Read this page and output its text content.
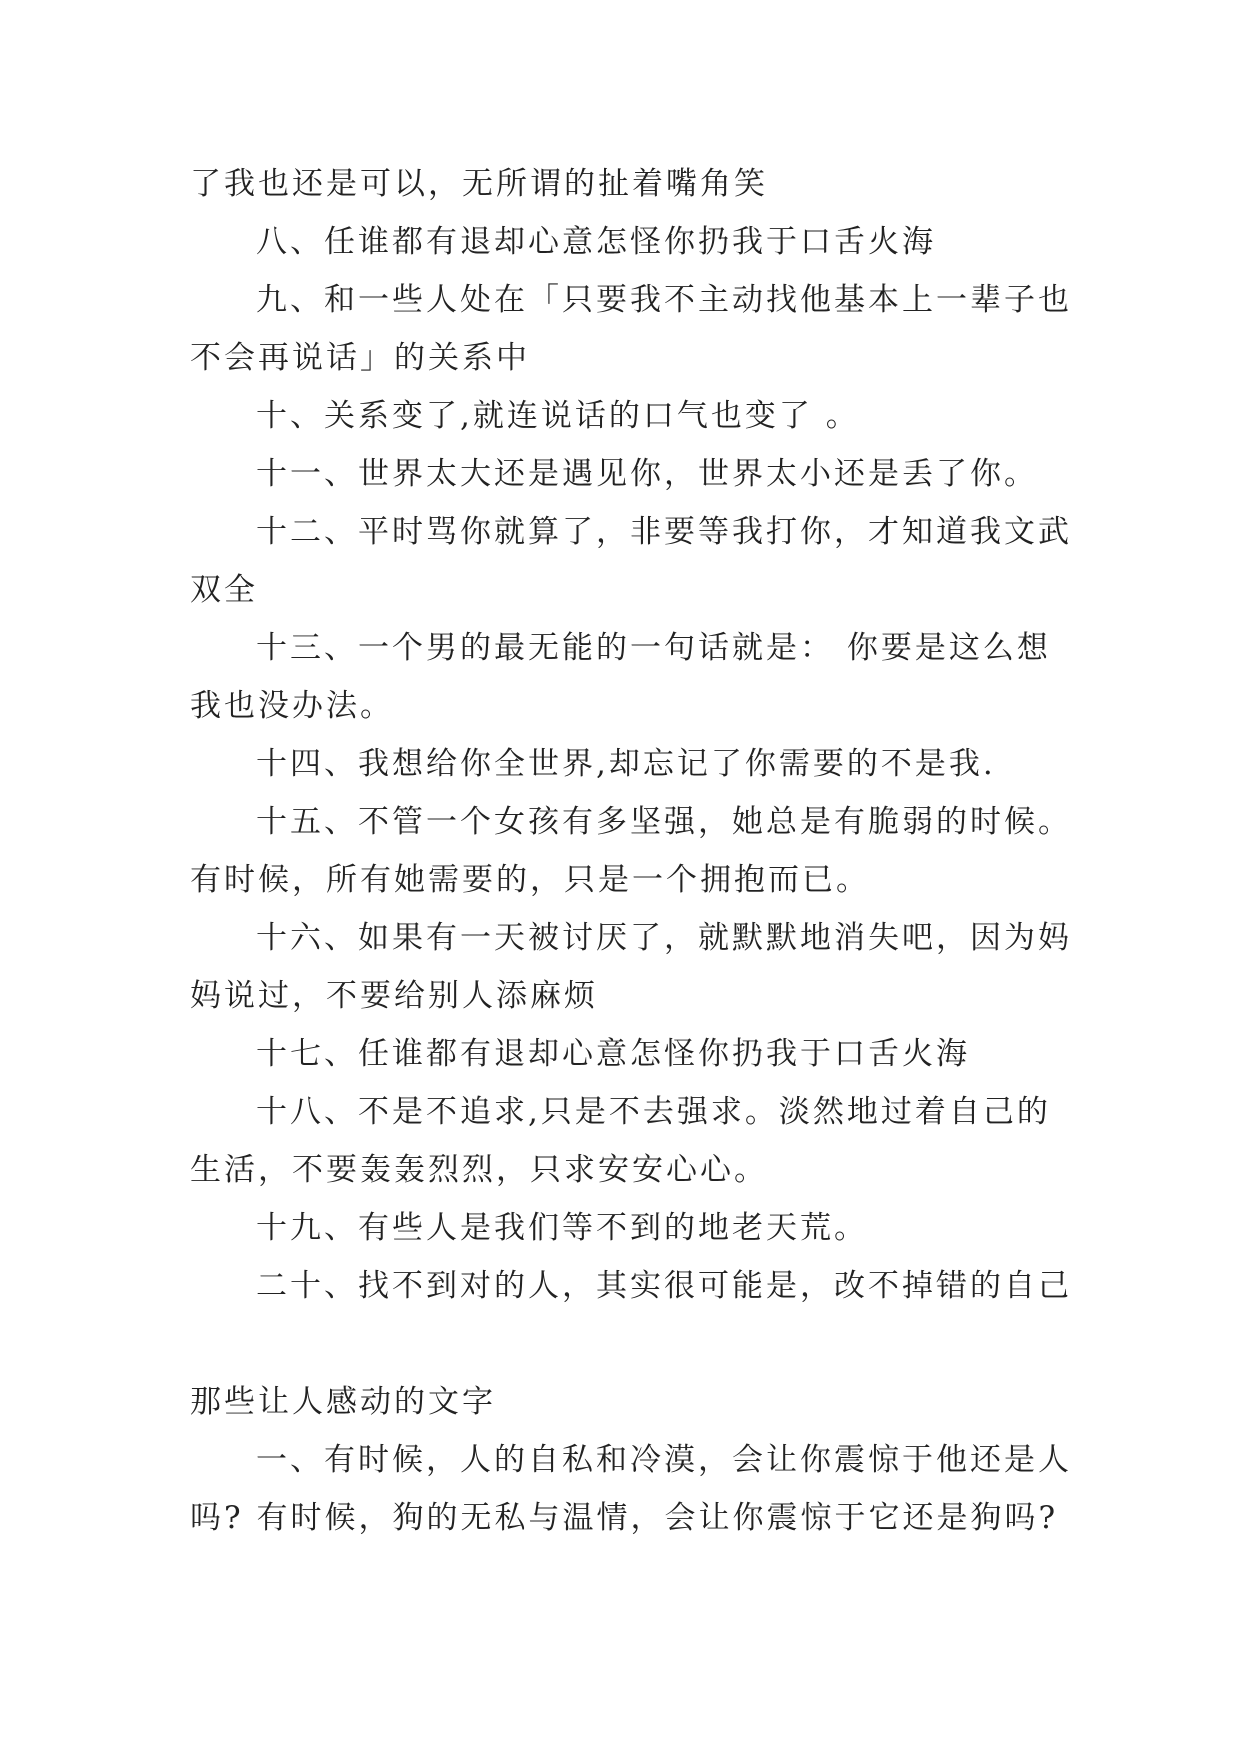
了我也还是可以，无所谓的扯着嘴角笑
八、任谁都有退却心意怎怪你扔我于口舌火海
九、和一些人处在「只要我不主动找他基本上一辈子也
不会再说话」的关系中
十、关系变了,就连说话的口气也变了 。
十一、世界太大还是遇见你，世界太小还是丢了你。
十二、平时骂你就算了，非要等我打你，才知道我文武
双全
十三、一个男的最无能的一句话就是： 你要是这么想
我也没办法。
十四、我想给你全世界,却忘记了你需要的不是我.
十五、不管一个女孩有多坚强，她总是有脆弱的时候。
有时候，所有她需要的，只是一个拥抱而已。
十六、如果有一天被讨厌了，就默默地消失吧，因为妈
妈说过，不要给别人添麻烦
十七、任谁都有退却心意怎怪你扔我于口舌火海
十八、不是不追求,只是不去强求。淡然地过着自己的
生活，不要轰轰烈烈，只求安安心心。
十九、有些人是我们等不到的地老天荒。
二十、找不到对的人，其实很可能是，改不掉错的自己
那些让人感动的文字
一、有时候，人的自私和冷漠，会让你震惊于他还是人
吗? 有时候，狗的无私与温情，会让你震惊于它还是狗吗?
